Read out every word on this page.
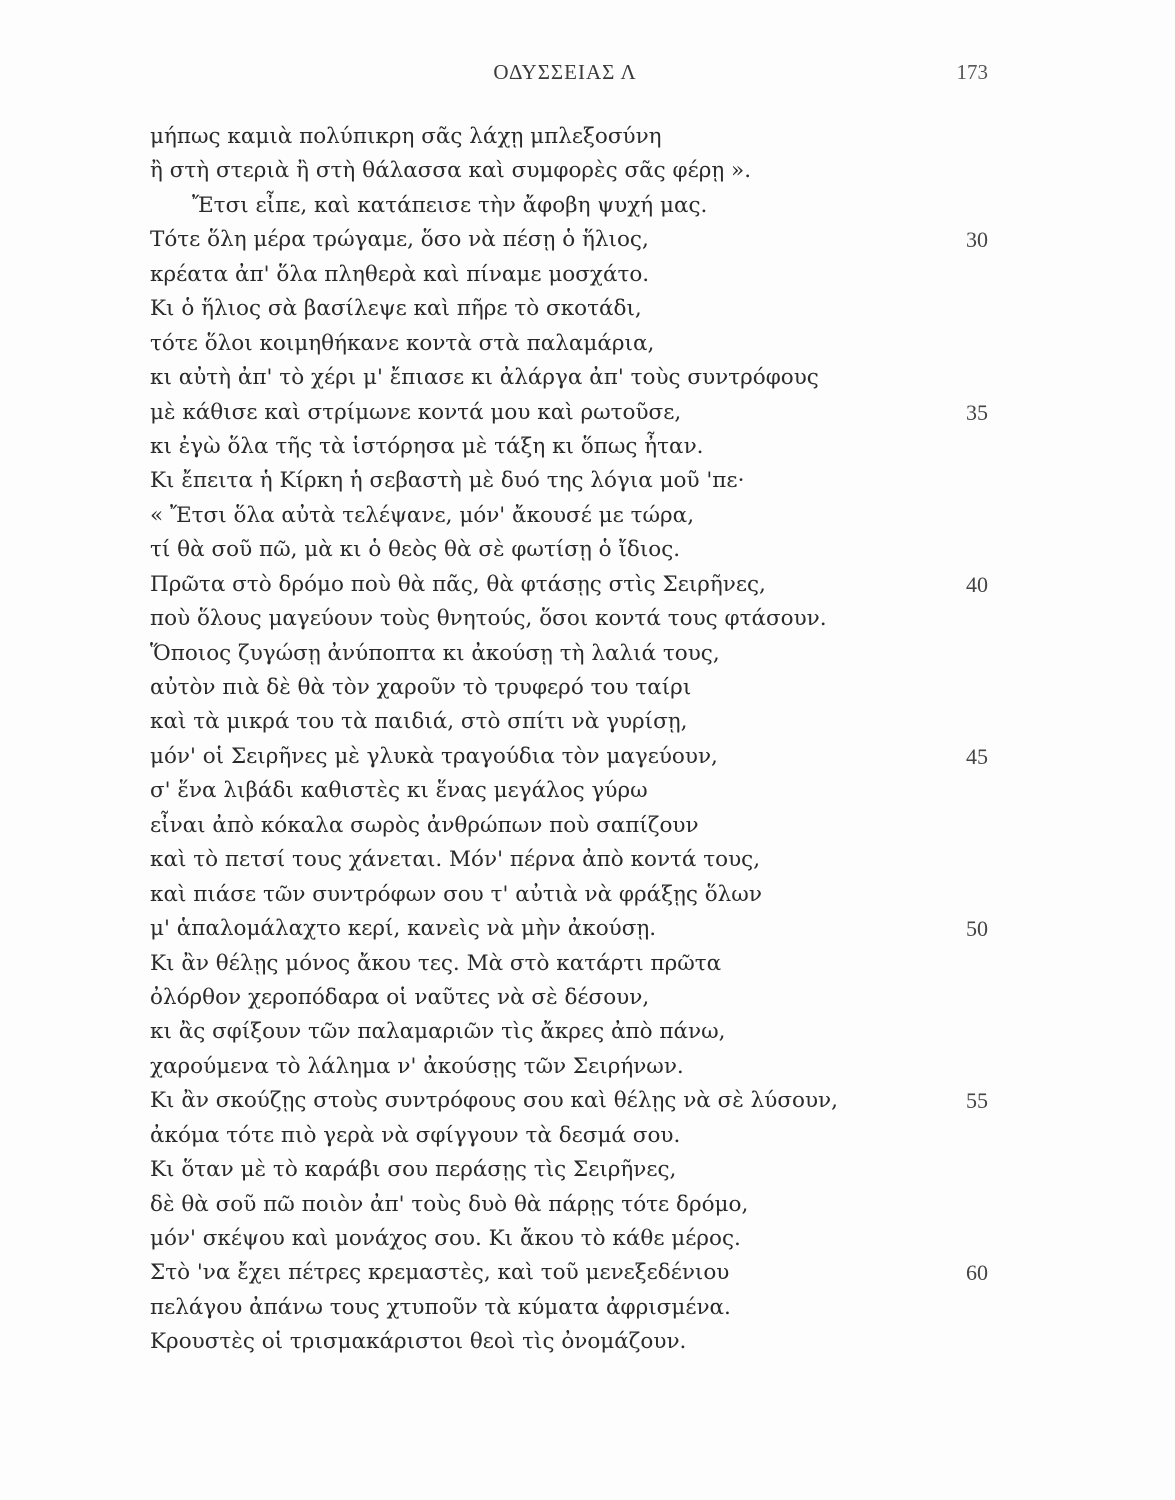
ΟΔΥΣΣΕΙΑΣ Λ	173
μήπως καμιὰ πολύπικρη σᾶς λάχῃ μπλεξοσύνη
ἢ στὴ στεριὰ ἢ στὴ θάλασσα καὶ συμφορὲς σᾶς φέρῃ ».
Ἔτσι εἶπε, καὶ κατάπεισε τὴν ἄφοβη ψυχή μας.
Τότε ὅλη μέρα τρώγαμε, ὅσο νὰ πέσῃ ὁ ἥλιος,	30
κρέατα ἀπ' ὅλα πληθερὰ καὶ πίναμε μοσχάτο.
Κι ὁ ἥλιος σὰ βασίλεψε καὶ πῆρε τὸ σκοτάδι,
τότε ὅλοι κοιμηθήκανε κοντὰ στὰ παλαμάρια,
κι αὐτὴ ἀπ' τὸ χέρι μ' ἔπιασε κι ἀλάργα ἀπ' τοὺς συντρόφους
μὲ κάθισε καὶ στρίμωνε κοντά μου καὶ ρωτοῦσε,	35
κι ἐγὼ ὅλα τῆς τὰ ἱστόρησα μὲ τάξη κι ὅπως ἦταν.
Κι ἔπειτα ἡ Κίρκη ἡ σεβαστὴ μὲ δυό της λόγια μοῦ 'πε·
« Ἔτσι ὅλα αὐτὰ τελέψανε, μόν' ἄκουσέ με τώρα,
τί θὰ σοῦ πῶ, μὰ κι ὁ θεὸς θὰ σὲ φωτίσῃ ὁ ἴδιος.
Πρῶτα στὸ δρόμο ποὺ θὰ πᾶς, θὰ φτάσῃς στὶς Σειρῆνες,	40
ποὺ ὅλους μαγεύουν τοὺς θνητούς, ὅσοι κοντά τους φτάσουν.
Ὅποιος ζυγώσῃ ἀνύποπτα κι ἀκούσῃ τὴ λαλιά τους,
αὐτὸν πιὰ δὲ θὰ τὸν χαροῦν τὸ τρυφερό του ταίρι
καὶ τὰ μικρά του τὰ παιδιά, στὸ σπίτι νὰ γυρίσῃ,
μόν' οἱ Σειρῆνες μὲ γλυκὰ τραγούδια τὸν μαγεύουν,	45
σ' ἕνα λιβάδι καθιστὲς κι ἕνας μεγάλος γύρω
εἶναι ἀπὸ κόκαλα σωρὸς ἀνθρώπων ποὺ σαπίζουν
καὶ τὸ πετσί τους χάνεται. Μόν' πέρνα ἀπὸ κοντά τους,
καὶ πιάσε τῶν συντρόφων σου τ' αὐτιὰ νὰ φράξῃς ὅλων
μ' ἁπαλομάλαχτο κερί, κανεὶς νὰ μὴν ἀκούσῃ.	50
Κι ἂν θέλῃς μόνος ἄκου τες. Μὰ στὸ κατάρτι πρῶτα
ὀλόρθον χεροπόδαρα οἱ ναῦτες νὰ σὲ δέσουν,
κι ἂς σφίξουν τῶν παλαμαριῶν τὶς ἄκρες ἀπὸ πάνω,
χαρούμενα τὸ λάλημα ν' ἀκούσῃς τῶν Σειρήνων.
Κι ἂν σκούζῃς στοὺς συντρόφους σου καὶ θέλῃς νὰ σὲ λύσουν,	55
ἀκόμα τότε πιὸ γερὰ νὰ σφίγγουν τὰ δεσμά σου.
Κι ὅταν μὲ τὸ καράβι σου περάσῃς τὶς Σειρῆνες,
δὲ θὰ σοῦ πῶ ποιὸν ἀπ' τοὺς δυὸ θὰ πάρῃς τότε δρόμο,
μόν' σκέψου καὶ μονάχος σου. Κι ἄκου τὸ κάθε μέρος.
Στὸ 'να ἔχει πέτρες κρεμαστὲς, καὶ τοῦ μενεξεδένιου	60
πελάγου ἀπάνω τους χτυποῦν τὰ κύματα ἀφρισμένα.
Κρουστὲς οἱ τρισμακάριστοι θεοὶ τὶς ὀνομάζουν.
